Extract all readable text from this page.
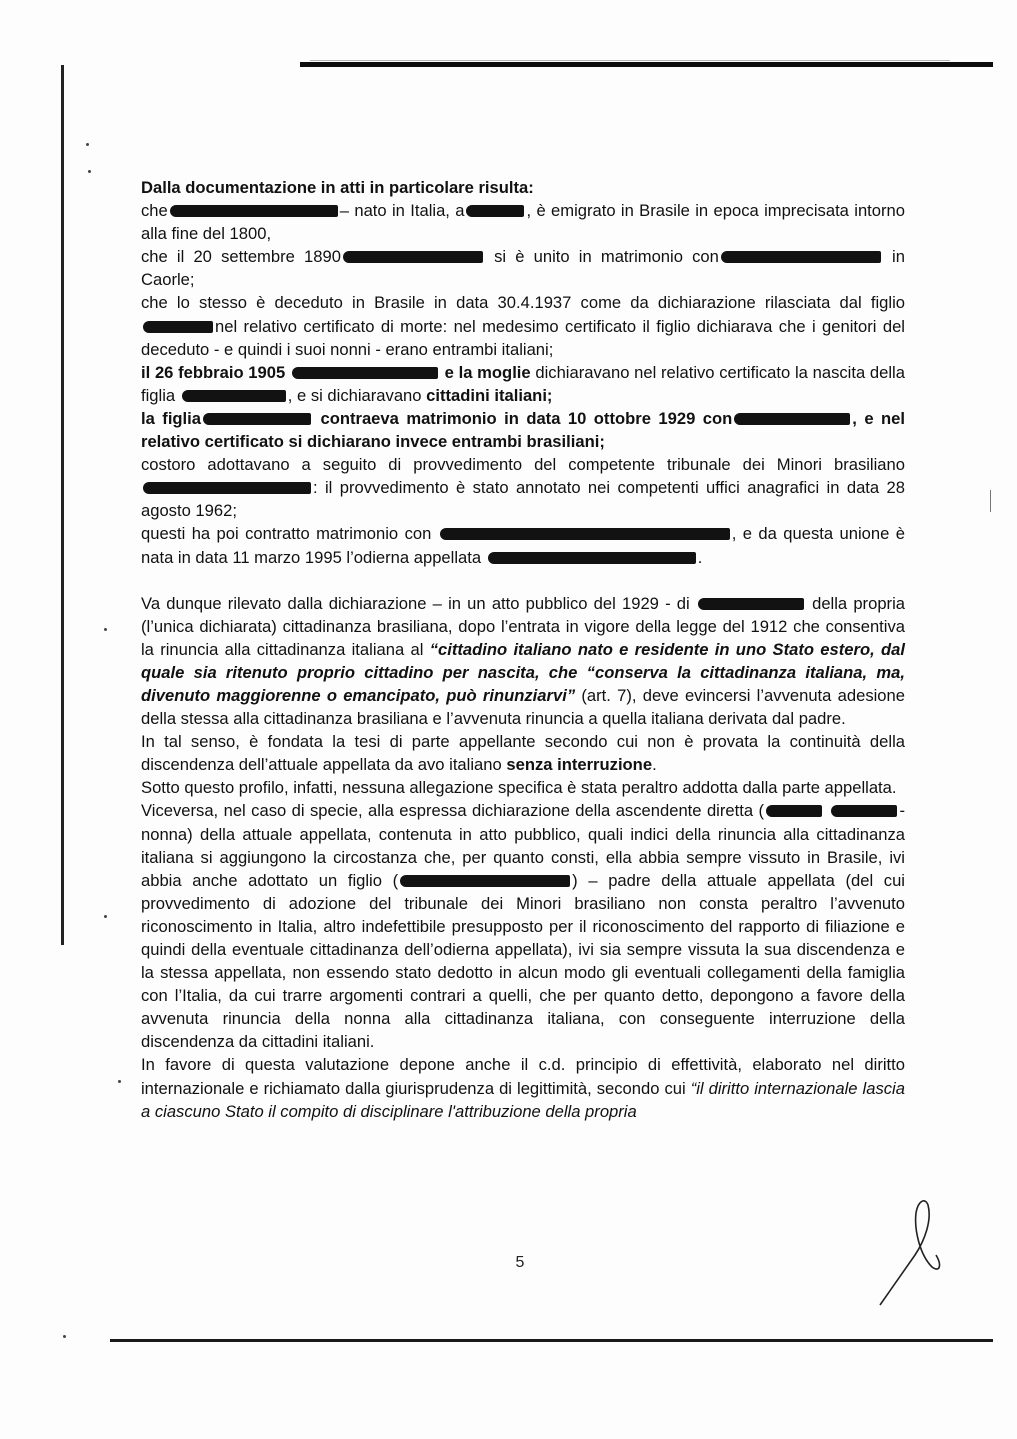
Dalla documentazione in atti in particolare risulta:

che	– nato in Italia, a	, è emigrato in Brasile in epoca imprecisata intorno alla fine del 1800,

che il 20 settembre 1890	si è unito in matrimonio con	in Caorle;

che lo stesso è deceduto in Brasile in data 30.4.1937 come da dichiarazione rilasciata dal figlio nel relativo certificato di morte: nel medesimo certificato il figlio dichiarava che i genitori del deceduto - e quindi i suoi nonni - erano entrambi italiani;

il 26 febbraio 1905	e la moglie dichiaravano nel relativo certificato la nascita della figlia	, e si dichiaravano cittadini italiani;

la figlia	contraeva matrimonio in data 10 ottobre 1929 con	, e nel relativo certificato si dichiarano invece entrambi brasiliani;

costoro adottavano a seguito di provvedimento del competente tribunale dei Minori brasiliano : il provvedimento è stato annotato nei competenti uffici anagrafici in data 28 agosto 1962;

questi ha poi contratto matrimonio con	, e da questa unione è nata in data 11 marzo 1995 l’odierna appellata	.

Va dunque rilevato dalla dichiarazione – in un atto pubblico del 1929 - di	della propria (l’unica dichiarata) cittadinanza brasiliana, dopo l’entrata in vigore della legge del 1912 che consentiva la rinuncia alla cittadinanza italiana al “cittadino italiano nato e residente in uno Stato estero, dal quale sia ritenuto proprio cittadino per nascita, che “conserva la cittadinanza italiana, ma, divenuto maggiorenne o emancipato, può rinunziarvi” (art. 7), deve evincersi l’avvenuta adesione della stessa alla cittadinanza brasiliana e l’avvenuta rinuncia a quella italiana derivata dal padre.

In tal senso, è fondata la tesi di parte appellante secondo cui non è provata la continuità della discendenza dell’attuale appellata da avo italiano senza interruzione.

Sotto questo profilo, infatti, nessuna allegazione specifica è stata peraltro addotta dalla parte appellata.

Viceversa, nel caso di specie, alla espressa dichiarazione della ascendente diretta (	-nonna) della attuale appellata, contenuta in atto pubblico, quali indici della rinuncia alla cittadinanza italiana si aggiungono la circostanza che, per quanto consti, ella abbia sempre vissuto in Brasile, ivi abbia anche adottato un figlio (	) – padre della attuale appellata (del cui provvedimento di adozione del tribunale dei Minori brasiliano non consta peraltro l’avvenuto riconoscimento in Italia, altro indefettibile presupposto per il riconoscimento del rapporto di filiazione e quindi della eventuale cittadinanza dell’odierna appellata), ivi sia sempre vissuta la sua discendenza e la stessa appellata, non essendo stato dedotto in alcun modo gli eventuali collegamenti della famiglia con l’Italia, da cui trarre argomenti contrari a quelli, che per quanto detto, depongono a favore della avvenuta rinuncia della nonna alla cittadinanza italiana, con conseguente interruzione della discendenza da cittadini italiani.

In favore di questa valutazione depone anche il c.d. principio di effettività, elaborato nel diritto internazionale e richiamato dalla giurisprudenza di legittimità, secondo cui “il diritto internazionale lascia a ciascuno Stato il compito di disciplinare l'attribuzione della propria

5
